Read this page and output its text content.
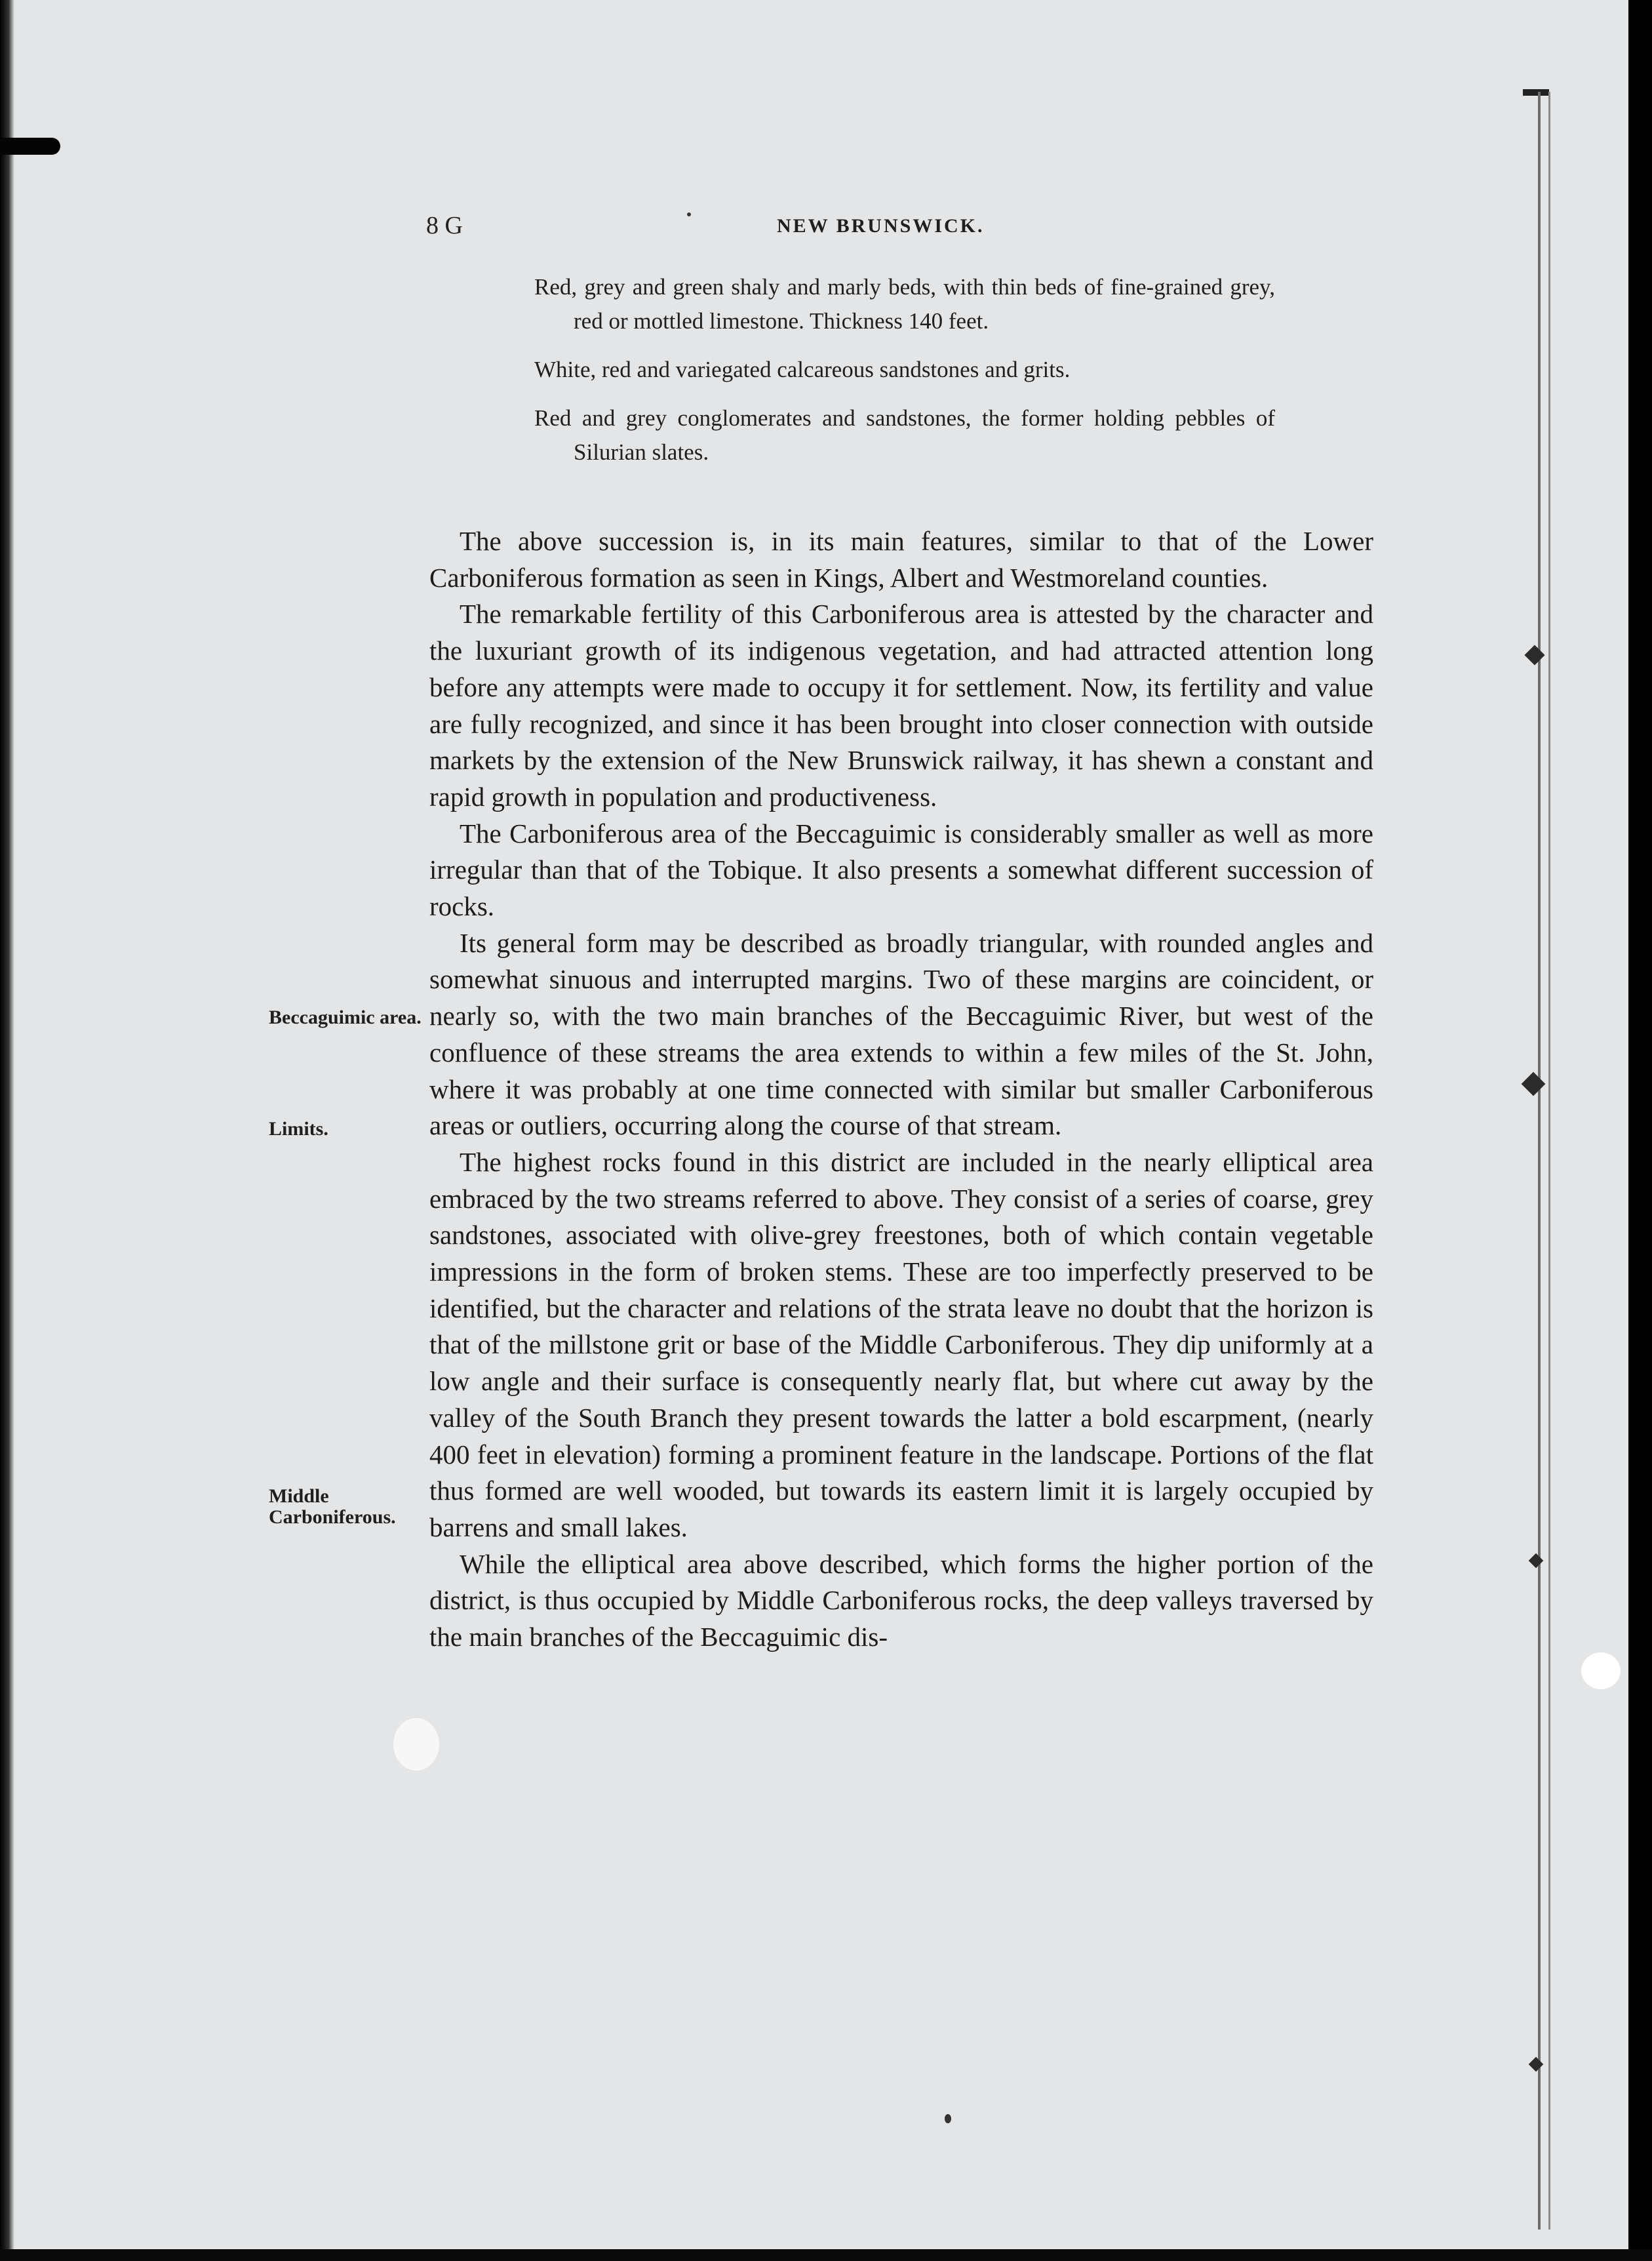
8 G	NEW BRUNSWICK.
Red, grey and green shaly and marly beds, with thin beds of fine-grained grey, red or mottled limestone. Thickness 140 feet.
White, red and variegated calcareous sandstones and grits.
Red and grey conglomerates and sandstones, the former holding pebbles of Silurian slates.
Beccaguimic area.
Limits.
Middle Carboniferous.

The above succession is, in its main features, similar to that of the Lower Carboniferous formation as seen in Kings, Albert and Westmoreland counties.

The remarkable fertility of this Carboniferous area is attested by the character and the luxuriant growth of its indigenous vegetation, and had attracted attention long before any attempts were made to occupy it for settlement. Now, its fertility and value are fully recognized, and since it has been brought into closer connection with outside markets by the extension of the New Brunswick railway, it has shewn a constant and rapid growth in population and productiveness.

The Carboniferous area of the Beccaguimic is considerably smaller as well as more irregular than that of the Tobique. It also presents a somewhat different succession of rocks.

Its general form may be described as broadly triangular, with rounded angles and somewhat sinuous and interrupted margins. Two of these margins are coincident, or nearly so, with the two main branches of the Beccaguimic River, but west of the confluence of these streams the area extends to within a few miles of the St. John, where it was probably at one time connected with similar but smaller Carboniferous areas or outliers, occurring along the course of that stream.

The highest rocks found in this district are included in the nearly elliptical area embraced by the two streams referred to above. They consist of a series of coarse, grey sandstones, associated with olive-grey freestones, both of which contain vegetable impressions in the form of broken stems. These are too imperfectly preserved to be identified, but the character and relations of the strata leave no doubt that the horizon is that of the millstone grit or base of the Middle Carboniferous. They dip uniformly at a low angle and their surface is consequently nearly flat, but where cut away by the valley of the South Branch they present towards the latter a bold escarpment, (nearly 400 feet in elevation) forming a prominent feature in the landscape. Portions of the flat thus formed are well wooded, but towards its eastern limit it is largely occupied by barrens and small lakes.

While the elliptical area above described, which forms the higher portion of the district, is thus occupied by Middle Carboniferous rocks, the deep valleys traversed by the main branches of the Beccaguimic dis-
